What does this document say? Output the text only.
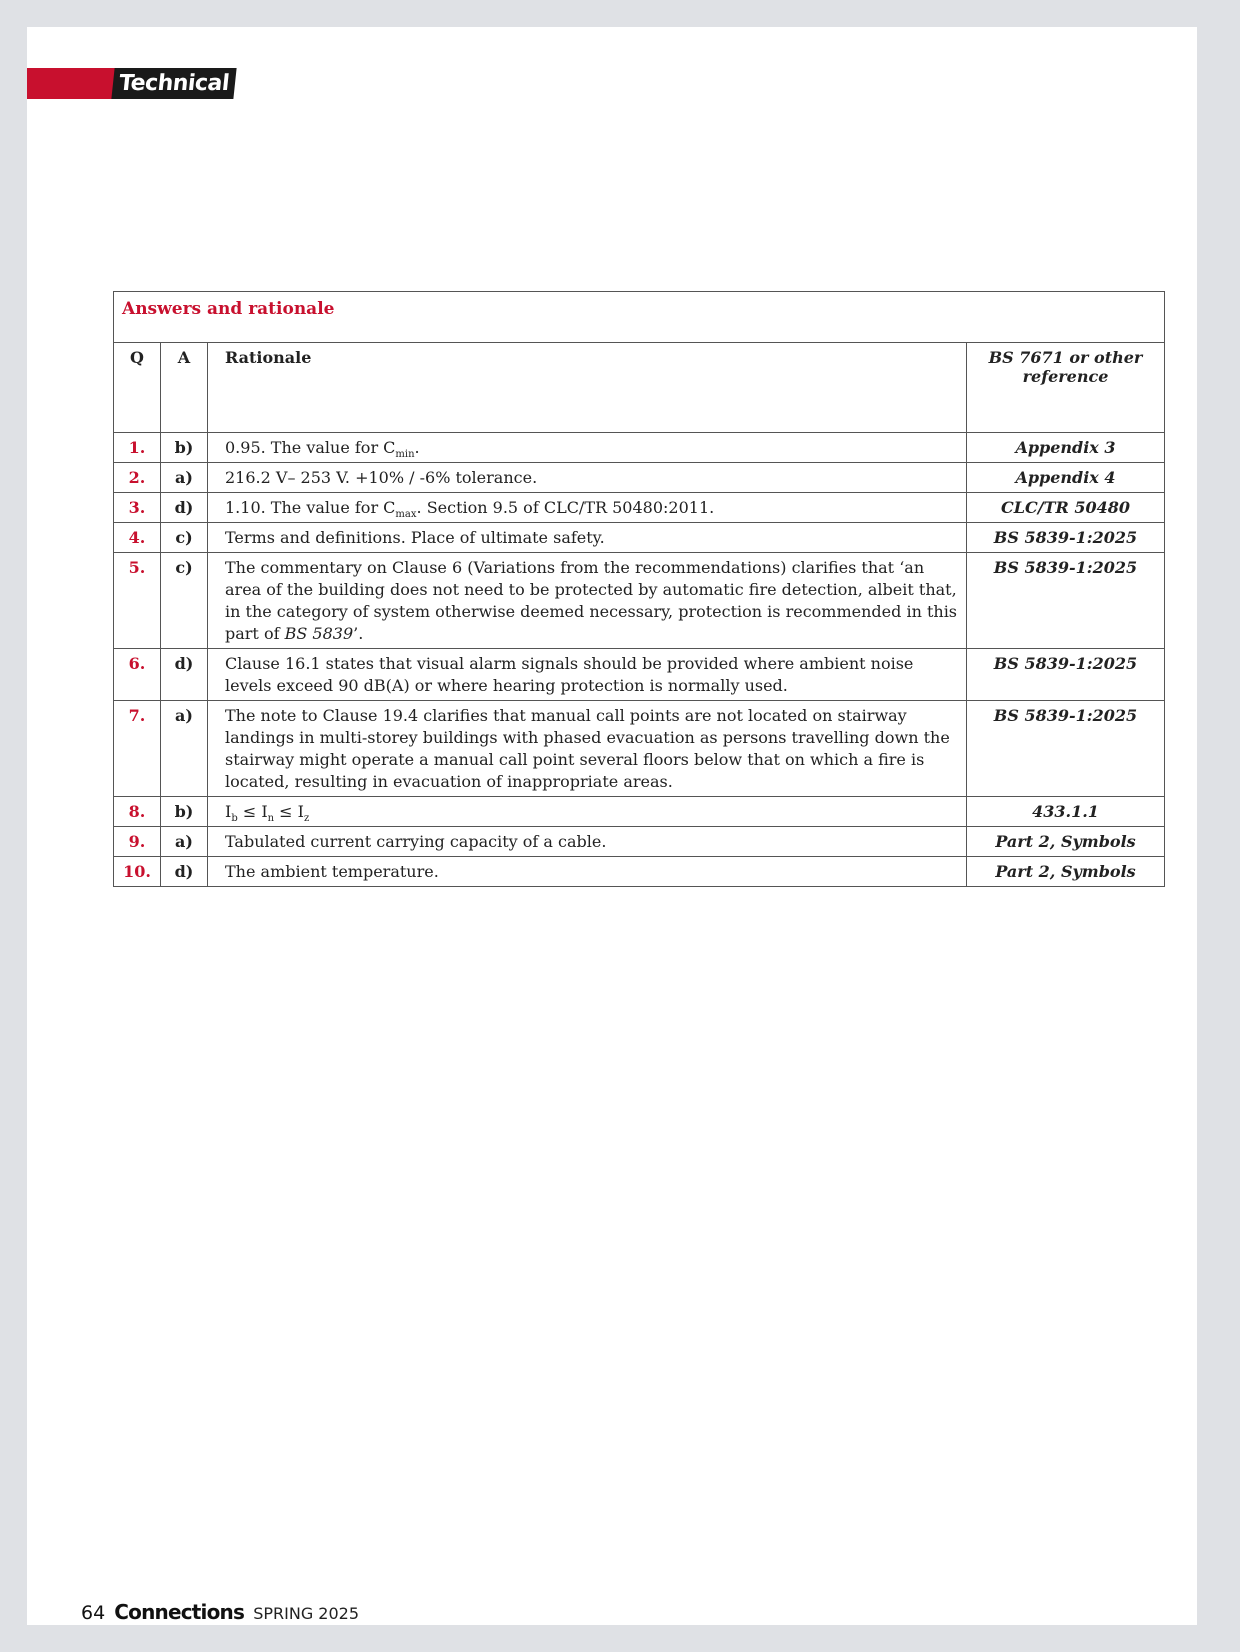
Technical
Answers and rationale			
Q	A	Rationale	BS 7671 or other reference
1.	b)	0.95. The value for $C_{min}$.	Appendix 3
2.	a)	216.2 V– 253 V. +10% / -6% tolerance.	Appendix 4
3.	d)	1.10. The value for $C_{max}$. Section 9.5 of CLC/TR 50480:2011.	CLC/TR 50480
4.	c)	Terms and definitions. Place of ultimate safety.	BS 5839-1:2025
5.	c)	The commentary on Clause 6 (Variations from the recommendations) clarifies that ‘an area of the building does not need to be protected by automatic fire detection, albeit that, in the category of system otherwise deemed necessary, protection is recommended in this part of BS 5839’.	BS 5839-1:2025
6.	d)	Clause 16.1 states that visual alarm signals should be provided where ambient noise levels exceed 90 dB(A) or where hearing protection is normally used.	BS 5839-1:2025
7.	a)	The note to Clause 19.4 clarifies that manual call points are not located on stairway landings in multi-storey buildings with phased evacuation as persons travelling down the stairway might operate a manual call point several floors below that on which a fire is located, resulting in evacuation of inappropriate areas.	BS 5839-1:2025
8.	b)	$I_b \le I_n \le I_z$	433.1.1
9.	a)	Tabulated current carrying capacity of a cable.	Part 2, Symbols
10.	d)	The ambient temperature.	Part 2, Symbols
64 Connections SPRING 2025
